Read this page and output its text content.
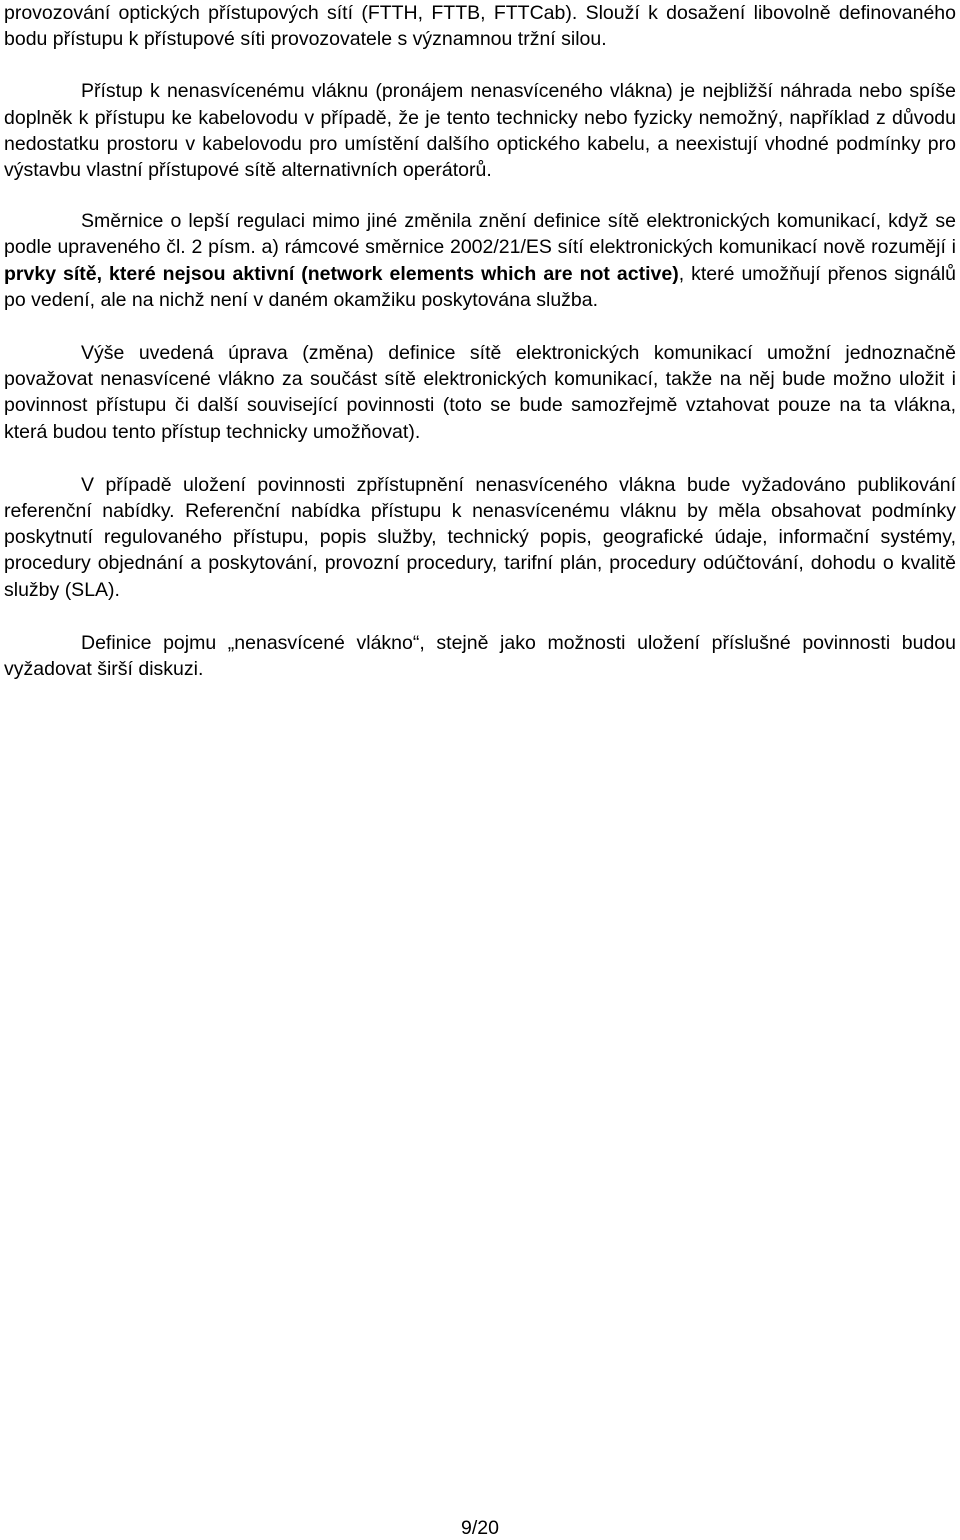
provozování optických přístupových sítí (FTTH, FTTB, FTTCab). Slouží k dosažení libovolně definovaného bodu přístupu k přístupové síti provozovatele s významnou tržní silou.

Přístup k nenasvícenému vláknu (pronájem nenasvíceného vlákna) je nejbližší náhrada nebo spíše doplněk k přístupu ke kabelovodu v případě, že je tento technicky nebo fyzicky nemožný, například z důvodu nedostatku prostoru v kabelovodu pro umístění dalšího optického kabelu, a neexistují vhodné podmínky pro výstavbu vlastní přístupové sítě alternativních operátorů.

Směrnice o lepší regulaci mimo jiné změnila znění definice sítě elektronických komunikací, když se podle upraveného čl. 2 písm. a) rámcové směrnice 2002/21/ES sítí elektronických komunikací nově rozumějí i prvky sítě, které nejsou aktivní (network elements which are not active), které umožňují přenos signálů po vedení, ale na nichž není v daném okamžiku poskytována služba.

Výše uvedená úprava (změna) definice sítě elektronických komunikací umožní jednoznačně považovat nenasvícené vlákno za součást sítě elektronických komunikací, takže na něj bude možno uložit i povinnost přístupu či další související povinnosti (toto se bude samozřejmě vztahovat pouze na ta vlákna, která budou tento přístup technicky umožňovat).

V případě uložení povinnosti zpřístupnění nenasvíceného vlákna bude vyžadováno publikování referenční nabídky. Referenční nabídka přístupu k nenasvícenému vláknu by měla obsahovat podmínky poskytnutí regulovaného přístupu, popis služby, technický popis, geografické údaje, informační systémy, procedury objednání a poskytování, provozní procedury, tarifní plán, procedury odúčtování, dohodu o kvalitě služby (SLA).

Definice pojmu „nenasvícené vlákno“, stejně jako možnosti uložení příslušné povinnosti budou vyžadovat širší diskuzi.

9/20
